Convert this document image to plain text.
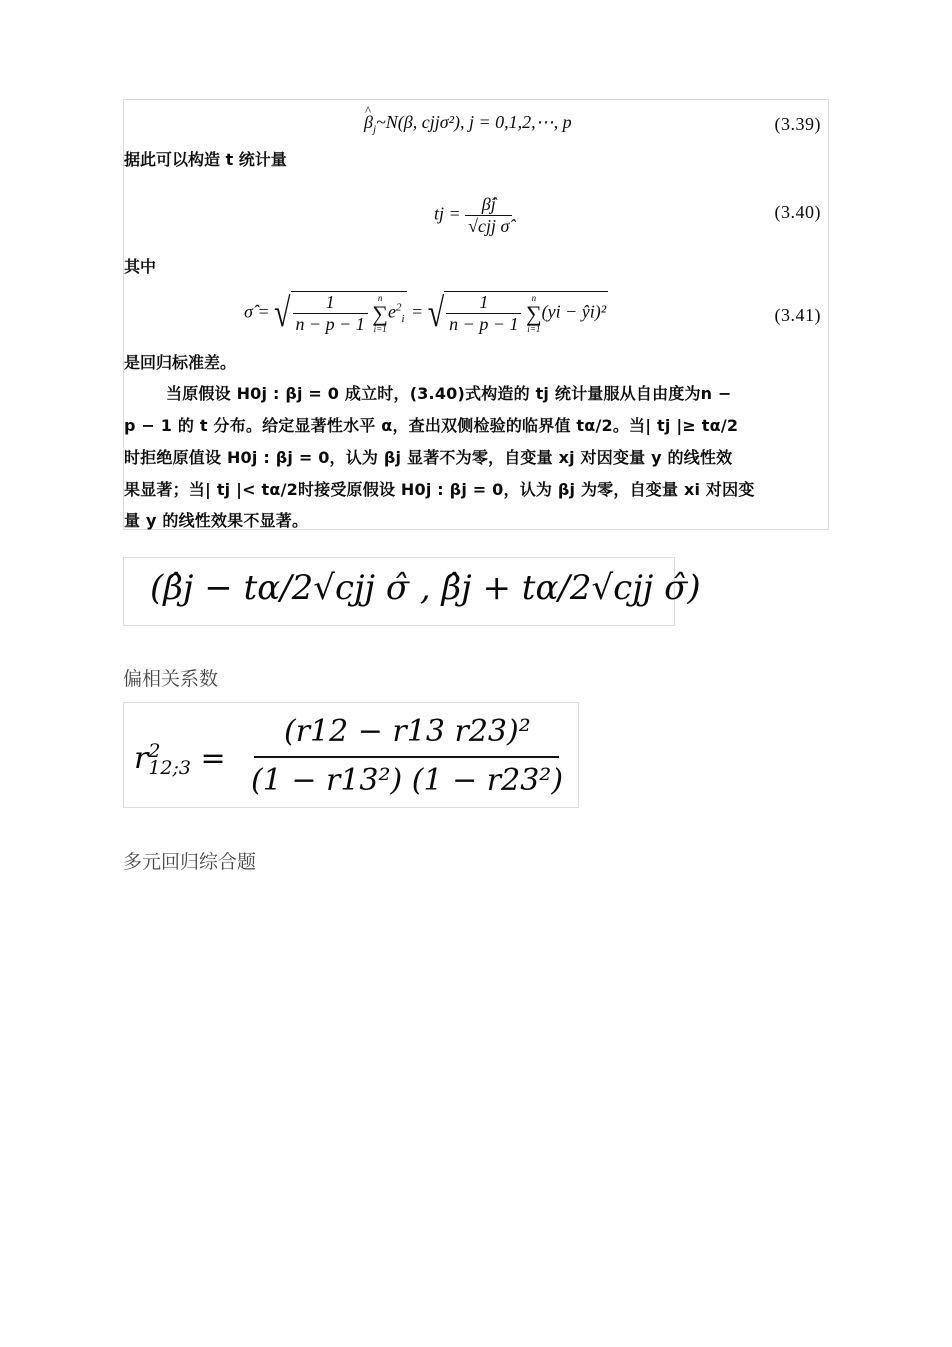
^ $\beta_j\sim N(\beta$, cjjσ²), j = 0,1,2,⋯, p	(3.39)
据此可以构造 t 统计量
tj = $\frac{\betâj}{\text{√cjj σ̂}}$	(3.40)
其中
σ̂ = √ $\frac{1}{n - p - 1}$
	n
∑
i=1
$e^2_i$ = √ $\frac{1}{n - p - 1}$
	n
∑
i=1
(yi − ŷi)²	(3.41)
是回归标准差。
当原假设 H0j : βj = 0 成立时，(3.40)式构造的 tj 统计量服从自由度为n −
p − 1 的 t 分布。给定显著性水平 α，查出双侧检验的临界值 tα/2。当| tj |≥ tα/2
时拒绝原值设 H0j : βj = 0，认为 βj 显著不为零，自变量 xj 对因变量 y 的线性效
果显著；当| tj |< tα/2时接受原假设 H0j : βj = 0，认为 βj 为零，自变量 xi 对因变
量 y 的线性效果不显著。
(β̂j − tα/2√cjj σ̂ , β̂j + tα/2√cjj σ̂)
偏相关系数
r 2
12;3 =
(r12 − r13 r23)²
(1 − r13²) (1 − r23²)
多元回归综合题
